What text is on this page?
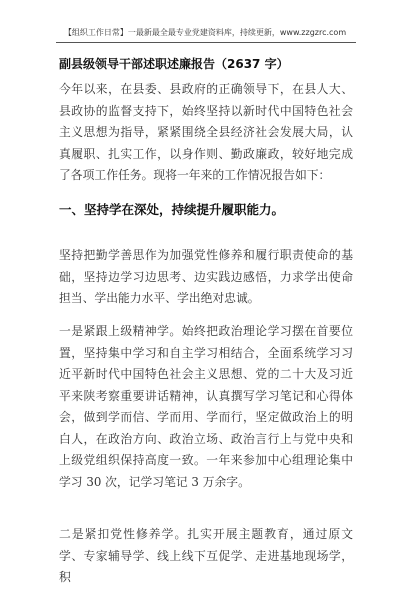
【组织工作日常】一最新最全最专业党建资料库，持续更新，www.zzgzrc.com
副县级领导干部述职述廉报告（2637 字）

今年以来，在县委、县政府的正确领导下，在县人大、县政协的监督支持下，始终坚持以新时代中国特色社会主义思想为指导，紧紧围绕全县经济社会发展大局，认真履职、扎实工作，以身作则、勤政廉政，较好地完成了各项工作任务。现将一年来的工作情况报告如下：

一、坚持学在深处，持续提升履职能力。

坚持把勤学善思作为加强党性修养和履行职责使命的基础，坚持边学习边思考、边实践边感悟，力求学出使命担当、学出能力水平、学出绝对忠诚。

一是紧跟上级精神学。始终把政治理论学习摆在首要位置，坚持集中学习和自主学习相结合，全面系统学习习近平新时代中国特色社会主义思想、党的二十大及习近平来陕考察重要讲话精神，认真撰写学习笔记和心得体会，做到学而信、学而用、学而行，坚定做政治上的明白人，在政治方向、政治立场、政治言行上与党中央和上级党组织保持高度一致。一年来参加中心组理论集中学习 30 次，记学习笔记 3 万余字。

二是紧扣党性修养学。扎实开展主题教育，通过原文学、专家辅导学、线上线下互促学、走进基地现场学，积
